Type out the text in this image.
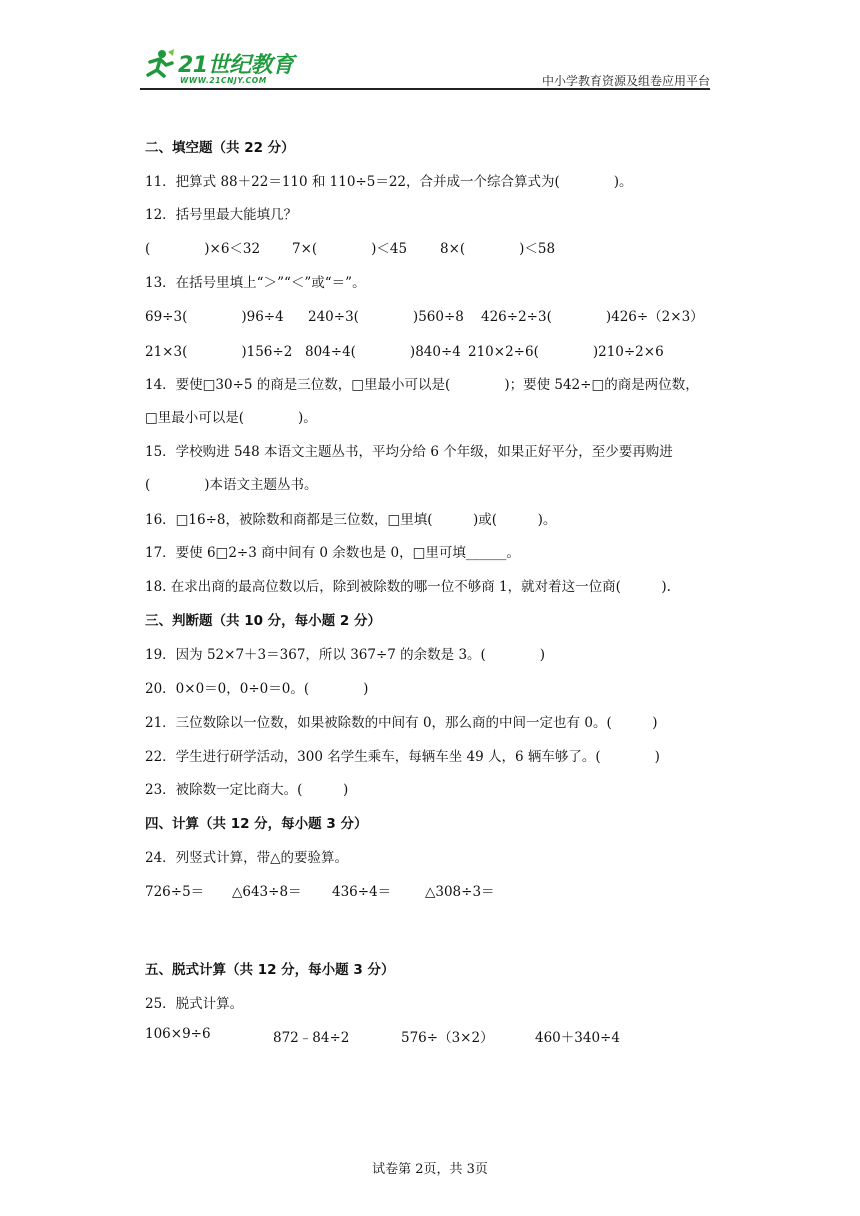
21世纪教育
WWW.21CNJY.COM	中小学教育资源及组卷应用平台
二、填空题（共 22 分）
11．把算式 88＋22＝110 和 110÷5＝22，合并成一个综合算式为(　　　　)。
12．括号里最大能填几？
(　　　　)×6＜32 7×(　　　　)＜45 8×(　　　　)＜58
13．在括号里填上“＞”“＜”或“＝”。
69÷3(　　　　)96÷4 240÷3(　　　　)560÷8 426÷2÷3(　　　　)426÷（2×3）
21×3(　　　　)156÷2 804÷4(　　　　)840÷4 210×2÷6(　　　　)210÷2×6
14．要使□30÷5 的商是三位数，□里最小可以是(　　　　)；要使 542÷□的商是两位数，
□里最小可以是(　　　　)。
15．学校购进 548 本语文主题丛书，平均分给 6 个年级，如果正好平分，至少要再购进
(　　　　)本语文主题丛书。
16．□16÷8，被除数和商都是三位数，□里填(　　　)或(　　　)。
17．要使 6□2÷3 商中间有 0 余数也是 0，□里可填______。
18. 在求出商的最高位数以后，除到被除数的哪一位不够商 1，就对着这一位商(　　　).
三、判断题（共 10 分，每小题 2 分）
19．因为 52×7＋3＝367，所以 367÷7 的余数是 3。(　　　　)
20．0×0＝0，0÷0＝0。(　　　　)
21．三位数除以一位数，如果被除数的中间有 0，那么商的中间一定也有 0。(　　　)
22．学生进行研学活动，300 名学生乘车，每辆车坐 49 人，6 辆车够了。(　　　　)
23．被除数一定比商大。(　　　)
四、计算（共 12 分，每小题 3 分）
24．列竖式计算，带△的要验算。
726÷5＝ △643÷8＝ 436÷4＝	△308÷3＝
五、脱式计算（共 12 分，每小题 3 分）
25．脱式计算。
106×9÷6	872﹣84÷2	576÷（3×2）	460＋340÷4
试卷第 2页，共 3页
